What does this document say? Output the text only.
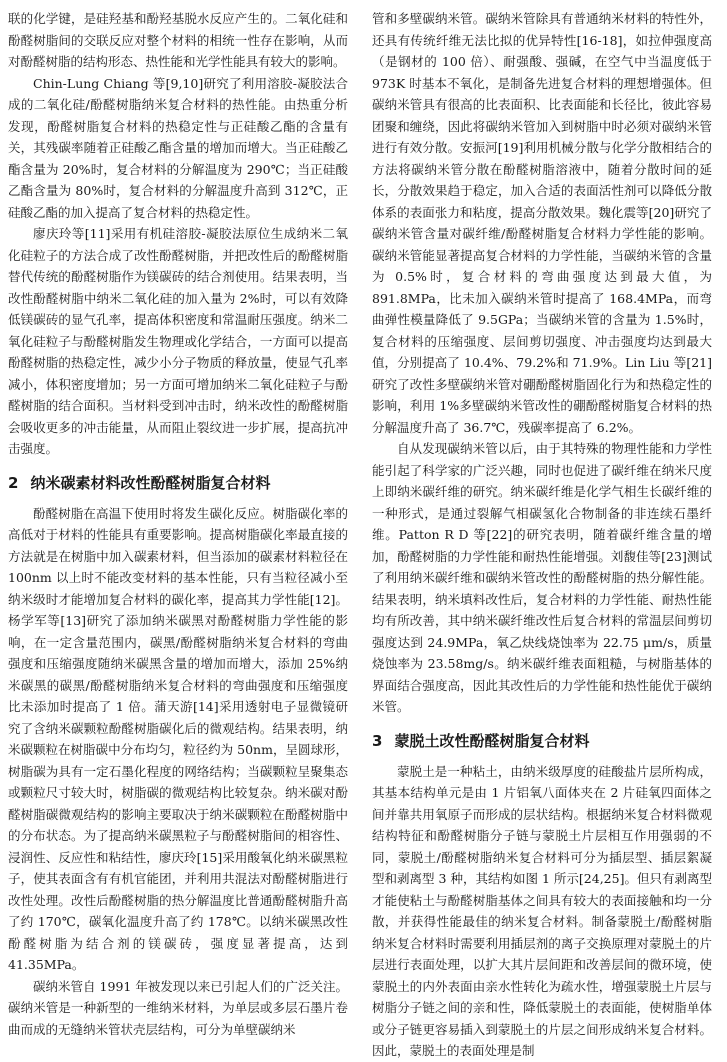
联的化学键，是硅羟基和酚羟基脱水反应产生的。二氧化硅和酚醛树脂间的交联反应对整个材料的相统一性存在影响，从而对酚醛树脂的结构形态、热性能和光学性能具有较大的影响。

Chin-Lung Chiang 等[9,10]研究了利用溶胶-凝胶法合成的二氧化硅/酚醛树脂纳米复合材料的热性能。由热重分析发现，酚醛树脂复合材料的热稳定性与正硅酸乙酯的含量有关，其残碳率随着正硅酸乙酯含量的增加而增大。当正硅酸乙酯含量为 20%时，复合材料的分解温度为 290℃；当正硅酸乙酯含量为 80%时，复合材料的分解温度升高到 312℃，正硅酸乙酯的加入提高了复合材料的热稳定性。

廖庆玲等[11]采用有机硅溶胶-凝胶法原位生成纳米二氧化硅粒子的方法合成了改性酚醛树脂，并把改性后的酚醛树脂替代传统的酚醛树脂作为镁碳砖的结合剂使用。结果表明，当改性酚醛树脂中纳米二氧化硅的加入量为 2%时，可以有效降低镁碳砖的显气孔率，提高体积密度和常温耐压强度。纳米二氧化硅粒子与酚醛树脂发生物理或化学结合，一方面可以提高酚醛树脂的热稳定性，减少小分子物质的释放量，使显气孔率减小，体积密度增加；另一方面可增加纳米二氧化硅粒子与酚醛树脂的结合面积。当材料受到冲击时，纳米改性的酚醛树脂会吸收更多的冲击能量，从而阻止裂纹进一步扩展，提高抗冲击强度。

2 纳米碳素材料改性酚醛树脂复合材料

酚醛树脂在高温下使用时将发生碳化反应。树脂碳化率的高低对于材料的性能具有重要影响。提高树脂碳化率最直接的方法就是在树脂中加入碳素材料，但当添加的碳素材料粒径在 100nm 以上时不能改变材料的基本性能，只有当粒径减小至纳米级时才能增加复合材料的碳化率，提高其力学性能[12]。杨学军等[13]研究了添加纳米碳黑对酚醛树脂力学性能的影响，在一定含量范围内，碳黑/酚醛树脂纳米复合材料的弯曲强度和压缩强度随纳米碳黑含量的增加而增大，添加 25%纳米碳黑的碳黑/酚醛树脂纳米复合材料的弯曲强度和压缩强度比未添加时提高了 1 倍。蒲天游[14]采用透射电子显微镜研究了含纳米碳颗粒酚醛树脂碳化后的微观结构。结果表明，纳米碳颗粒在树脂碳中分布均匀，粒径约为 50nm，呈圆球形，树脂碳为具有一定石墨化程度的网络结构；当碳颗粒呈聚集态或颗粒尺寸较大时，树脂碳的微观结构比较复杂。纳米碳对酚醛树脂碳微观结构的影响主要取决于纳米碳颗粒在酚醛树脂中的分布状态。为了提高纳米碳黑粒子与酚醛树脂间的相容性、浸润性、反应性和粘结性，廖庆玲[15]采用酸氧化纳米碳黑粒子，使其表面含有有机官能团，并利用共混法对酚醛树脂进行改性处理。改性后酚醛树脂的热分解温度比普通酚醛树脂升高了约 170℃，碳氧化温度升高了约 178℃。以纳米碳黑改性酚醛树脂为结合剂的镁碳砖，强度显著提高，达到 41.35MPa。

碳纳米管自 1991 年被发现以来已引起人们的广泛关注。碳纳米管是一种新型的一维纳米材料，为单层或多层石墨片卷曲而成的无缝纳米管状壳层结构，可分为单壁碳纳米

管和多壁碳纳米管。碳纳米管除具有普通纳米材料的特性外，还具有传统纤维无法比拟的优异特性[16-18]，如拉伸强度高（是钢材的 100 倍）、耐强酸、强碱，在空气中当温度低于 973K 时基本不氧化，是制备先进复合材料的理想增强体。但碳纳米管具有很高的比表面积、比表面能和长径比，彼此容易团聚和缠绕，因此将碳纳米管加入到树脂中时必须对碳纳米管进行有效分散。安振河[19]利用机械分散与化学分散相结合的方法将碳纳米管分散在酚醛树脂溶液中，随着分散时间的延长，分散效果趋于稳定，加入合适的表面活性剂可以降低分散体系的表面张力和粘度，提高分散效果。魏化震等[20]研究了碳纳米管含量对碳纤维/酚醛树脂复合材料力学性能的影响。碳纳米管能显著提高复合材料的力学性能，当碳纳米管的含量为 0.5%时，复合材料的弯曲强度达到最大值，为 891.8MPa，比未加入碳纳米管时提高了 168.4MPa，而弯曲弹性模量降低了 9.5GPa；当碳纳米管的含量为 1.5%时，复合材料的压缩强度、层间剪切强度、冲击强度均达到最大值，分别提高了 10.4%、79.2%和 71.9%。Lin Liu 等[21]研究了改性多壁碳纳米管对硼酚醛树脂固化行为和热稳定性的影响，利用 1%多壁碳纳米管改性的硼酚醛树脂复合材料的热分解温度升高了 36.7℃，残碳率提高了 6.2%。

自从发现碳纳米管以后，由于其特殊的物理性能和力学性能引起了科学家的广泛兴趣，同时也促进了碳纤维在纳米尺度上即纳米碳纤维的研究。纳米碳纤维是化学气相生长碳纤维的一种形式，是通过裂解气相碳氢化合物制备的非连续石墨纤维。Patton R D 等[22]的研究表明，随着碳纤维含量的增加，酚醛树脂的力学性能和耐热性能增强。刘馥佳等[23]测试了利用纳米碳纤维和碳纳米管改性的酚醛树脂的热分解性能。结果表明，纳米填料改性后，复合材料的力学性能、耐热性能均有所改善，其中纳米碳纤维改性后复合材料的常温层间剪切强度达到 24.9MPa，氧乙炔线烧蚀率为 22.75 μm/s，质量烧蚀率为 23.58mg/s。纳米碳纤维表面粗糙，与树脂基体的界面结合强度高，因此其改性后的力学性能和热性能优于碳纳米管。

3 蒙脱土改性酚醛树脂复合材料

蒙脱土是一种粘土，由纳米级厚度的硅酸盐片层所构成，其基本结构单元是由 1 片铝氧八面体夹在 2 片硅氧四面体之间并靠共用氧原子而形成的层状结构。根据纳米复合材料微观结构特征和酚醛树脂分子链与蒙脱土片层相互作用强弱的不同，蒙脱土/酚醛树脂纳米复合材料可分为插层型、插层絮凝型和剥离型 3 种，其结构如图 1 所示[24,25]。但只有剥离型才能使粘土与酚醛树脂基体之间具有较大的表面接触和均一分散，并获得性能最佳的纳米复合材料。制备蒙脱土/酚醛树脂纳米复合材料时需要利用插层剂的离子交换原理对蒙脱土的片层进行表面处理，以扩大其片层间距和改善层间的微环境，使蒙脱土的内外表面由亲水性转化为疏水性，增强蒙脱土片层与树脂分子链之间的亲和性，降低蒙脱土的表面能，使树脂单体或分子链更容易插入到蒙脱土的片层之间形成纳米复合材料。因此，蒙脱土的表面处理是制
